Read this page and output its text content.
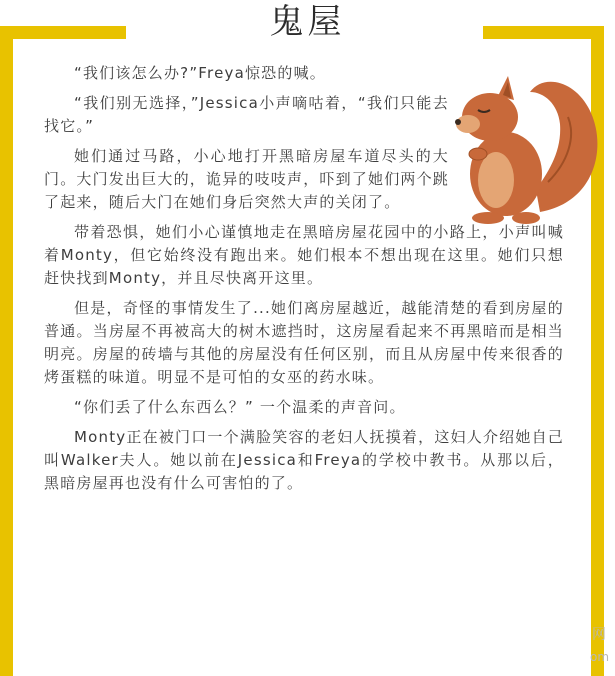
鬼屋

“我们该怎么办?”Freya惊恐的喊。

“我们别无选择，”Jessica小声嘀咕着，“我们只能去找它。”

她们通过马路，小心地打开黑暗房屋车道尽头的大门。大门发出巨大的，诡异的吱吱声，吓到了她们两个跳了起来，随后大门在她们身后突然大声的关闭了。

带着恐惧，她们小心谨慎地走在黑暗房屋花园中的小路上，小声叫喊着Monty，但它始终没有跑出来。她们根本不想出现在这里。她们只想赶快找到Monty，并且尽快离开这里。

但是，奇怪的事情发生了...她们离房屋越近，越能清楚的看到房屋的普通。当房屋不再被高大的树木遮挡时，这房屋看起来不再黑暗而是相当明亮。房屋的砖墙与其他的房屋没有任何区别，而且从房屋中传来很香的烤蛋糕的味道。明显不是可怕的女巫的药水味。

“你们丢了什么东西么？” 一个温柔的声音问。

Monty正在被门口一个满脸笑容的老妇人抚摸着，这妇人介绍她自己叫Walker夫人。她以前在Jessica和Freya的学校中教书。从那以后，黑暗房屋再也没有什么可害怕的了。

网
om
